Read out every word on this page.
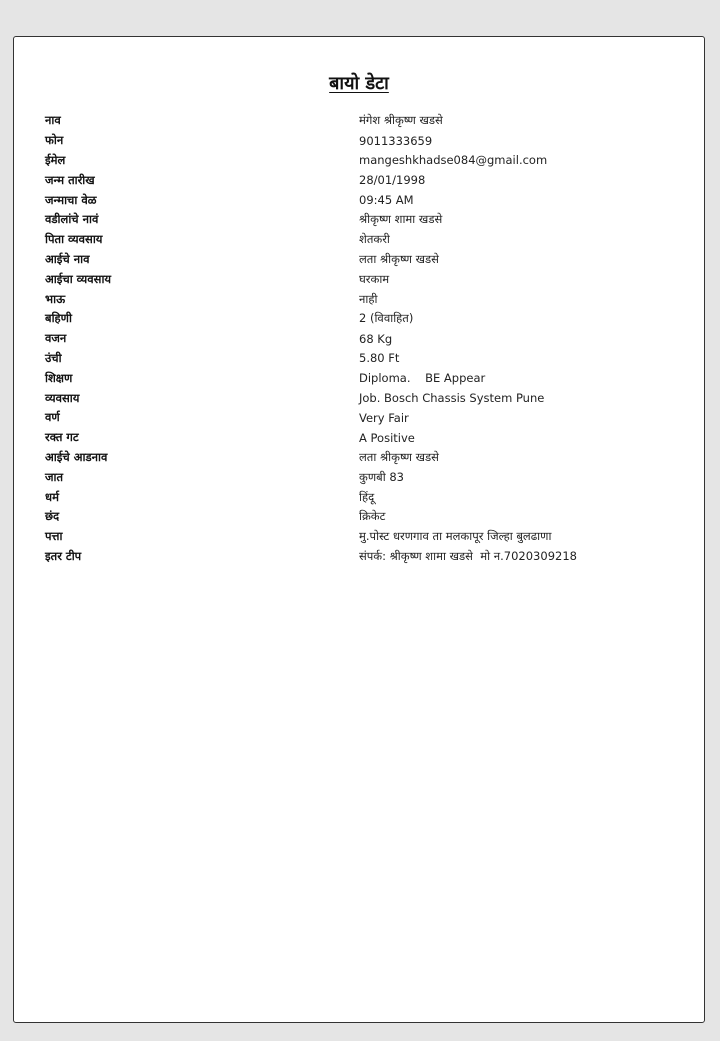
बायो डेटा
नाव	मंगेश श्रीकृष्ण खडसे
फोन	9011333659
ईमेल	mangeshkhadse084@gmail.com
जन्म तारीख	28/01/1998
जन्माचा वेळ	09:45 AM
वडीलांचे नावं	श्रीकृष्ण शामा खडसे
पिता व्यवसाय	शेतकरी
आईचे नाव	लता श्रीकृष्ण खडसे
आईचा व्यवसाय	घरकाम
भाऊ	नाही
बहिणी	2 (विवाहित)
वजन	68 Kg
उंची	5.80 Ft
शिक्षण	Diploma.    BE Appear
व्यवसाय	Job. Bosch Chassis System Pune
वर्ण	Very Fair
रक्त गट	A Positive
आईचे आडनाव	लता श्रीकृष्ण खडसे
जात	कुणबी 83
धर्म	हिंदू
छंद	क्रिकेट
पत्ता	मु.पोस्ट धरणगाव ता मलकापूर जिल्हा बुलढाणा
इतर टीप	संपर्क: श्रीकृष्ण शामा खडसे  मो न.7020309218
